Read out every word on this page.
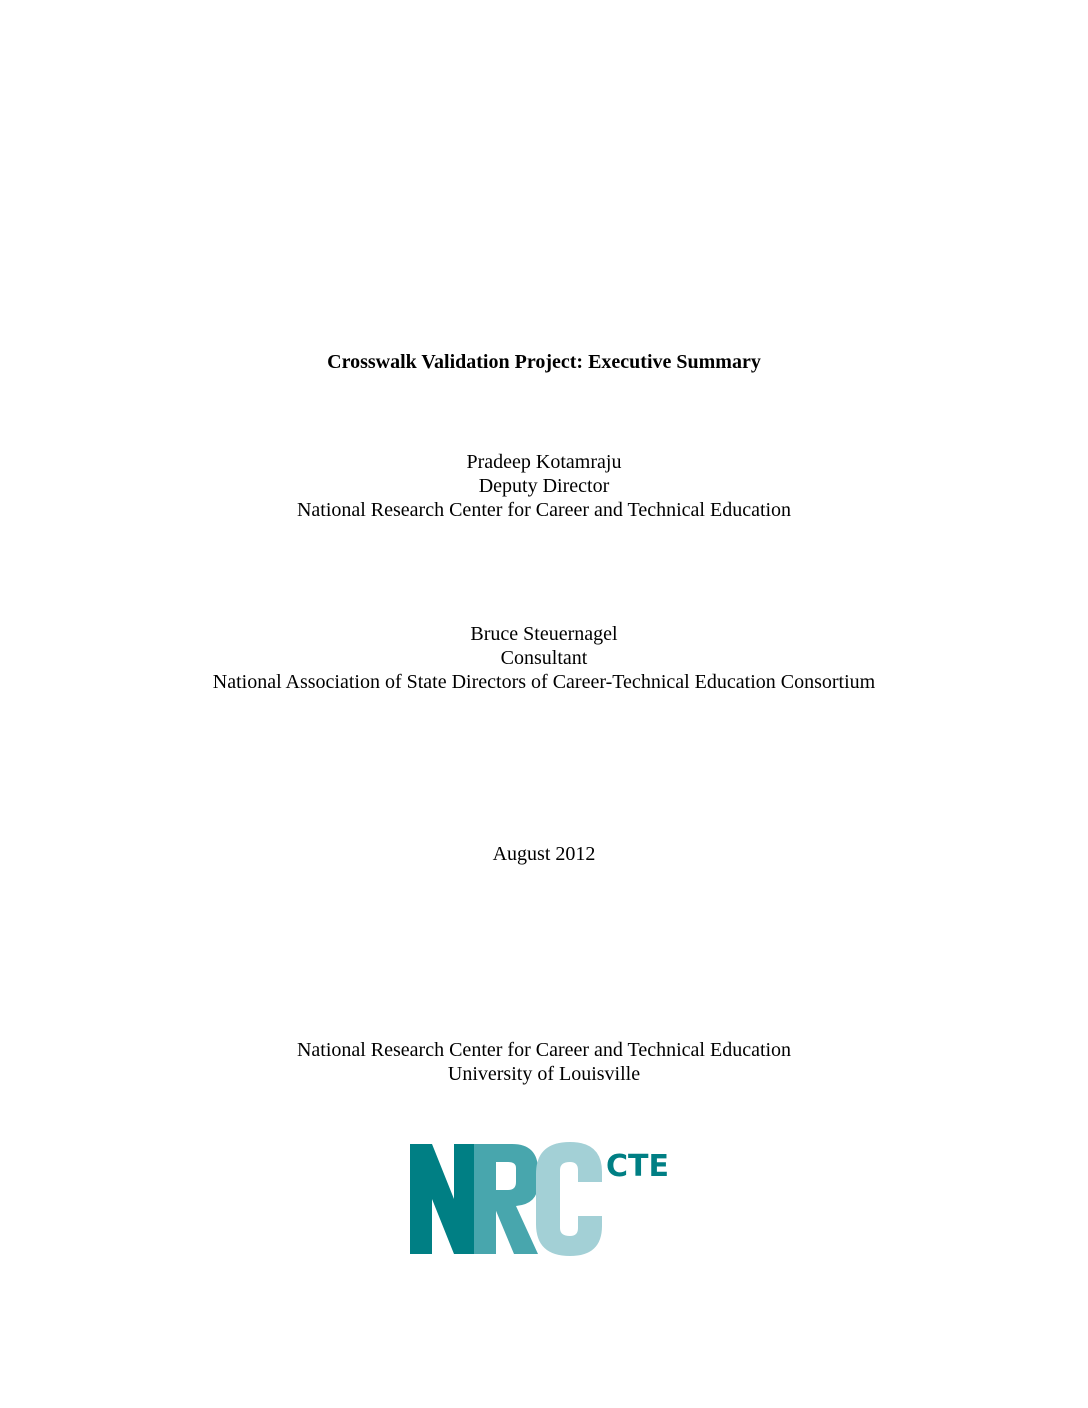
Crosswalk Validation Project: Executive Summary
Pradeep Kotamraju
Deputy Director
National Research Center for Career and Technical Education
Bruce Steuernagel
Consultant
National Association of State Directors of Career-Technical Education Consortium
August 2012
National Research Center for Career and Technical Education
University of Louisville
CTE
